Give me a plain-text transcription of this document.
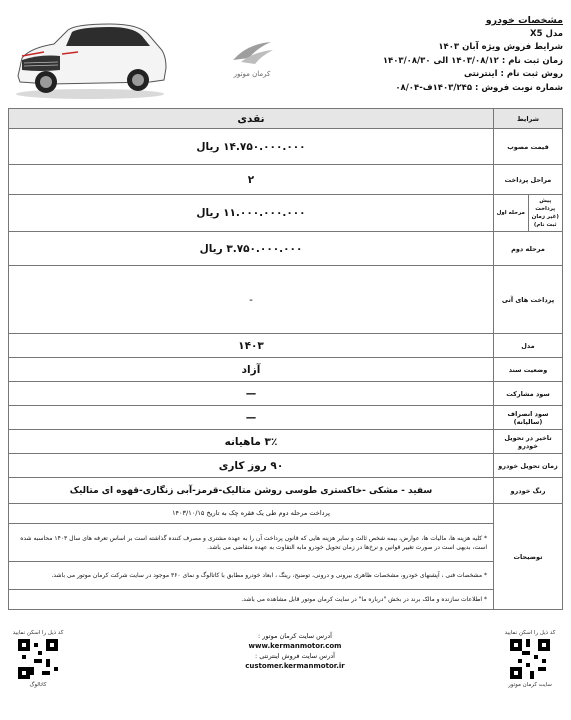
مشخصات خودرو
مدل X5
شرایط فروش ویژه آبان ۱۴۰۳
زمان ثبت نام : ۱۴۰۳/۰۸/۱۲ الی ۱۴۰۳/۰۸/۳۰
روش ثبت نام : اینترنتی
شماره نوبت فروش : ۱۴۰۳/۲۴۵ف-۰۸/۰۴
کرمان موتور
شرایط	نقدی
قیمت مصوب	۱۴.۷۵۰.۰۰۰.۰۰۰ ریال
مراحل پرداخت	۲

پیش پرداخت
(غیر زمان ثبت نام)
مرحله اول	۱۱.۰۰۰.۰۰۰.۰۰۰ ریال
مرحله دوم	۳.۷۵۰.۰۰۰.۰۰۰ ریال
پرداخت های آتی	-
مدل	۱۴۰۳
وضعیت سند	آزاد
سود مشارکت	—
سود انصراف (سالیانه)	—
تاخیر در تحویل خودرو	۳٪ ماهیانه
زمان تحویل خودرو	۹۰ روز کاری
رنگ خودرو	سفید - مشکی -خاکستری طوسی روشن متالیک-قرمز-آبی زنگاری-قهوه ای متالیک
توضیحات	پرداخت مرحله دوم طی یک فقره چک به تاریخ ۱۴۰۳/۱۰/۱۵
	* کلیه هزینه ها، مالیات ها، عوارض، بیمه شخص ثالث و سایر هزینه هایی که قانون پرداخت آن را به عهده مشتری و مصرف کننده گذاشته است بر اساس تعرفه های سال ۱۴۰۳ محاسبه شده است، بدیهی است در صورت تغییر قوانین و نرخ‌ها در زمان تحویل خودرو مابه التفاوت به عهده متقاضی می باشد.
	* مشخصات فنی ، آپشنهای خودرو، مشخصات ظاهری بیرونی و درونی، توضیح، رینگ ، ابعاد خودرو مطابق با کاتالوگ و نمای ۳۶۰ موجود در سایت شرکت کرمان موتور می باشد.
	* اطلاعات سازنده و مالک برند در بخش "درباره ما" در سایت کرمان موتور قابل مشاهده می باشد.
کد ذیل را اسکن نمایید
کاتالوگ
آدرس سایت کرمان موتور :
www.kermanmotor.com
آدرس سایت فروش اینترنتی :
customer.kermanmotor.ir
کد ذیل را اسکن نمایید
سایت کرمان موتور
